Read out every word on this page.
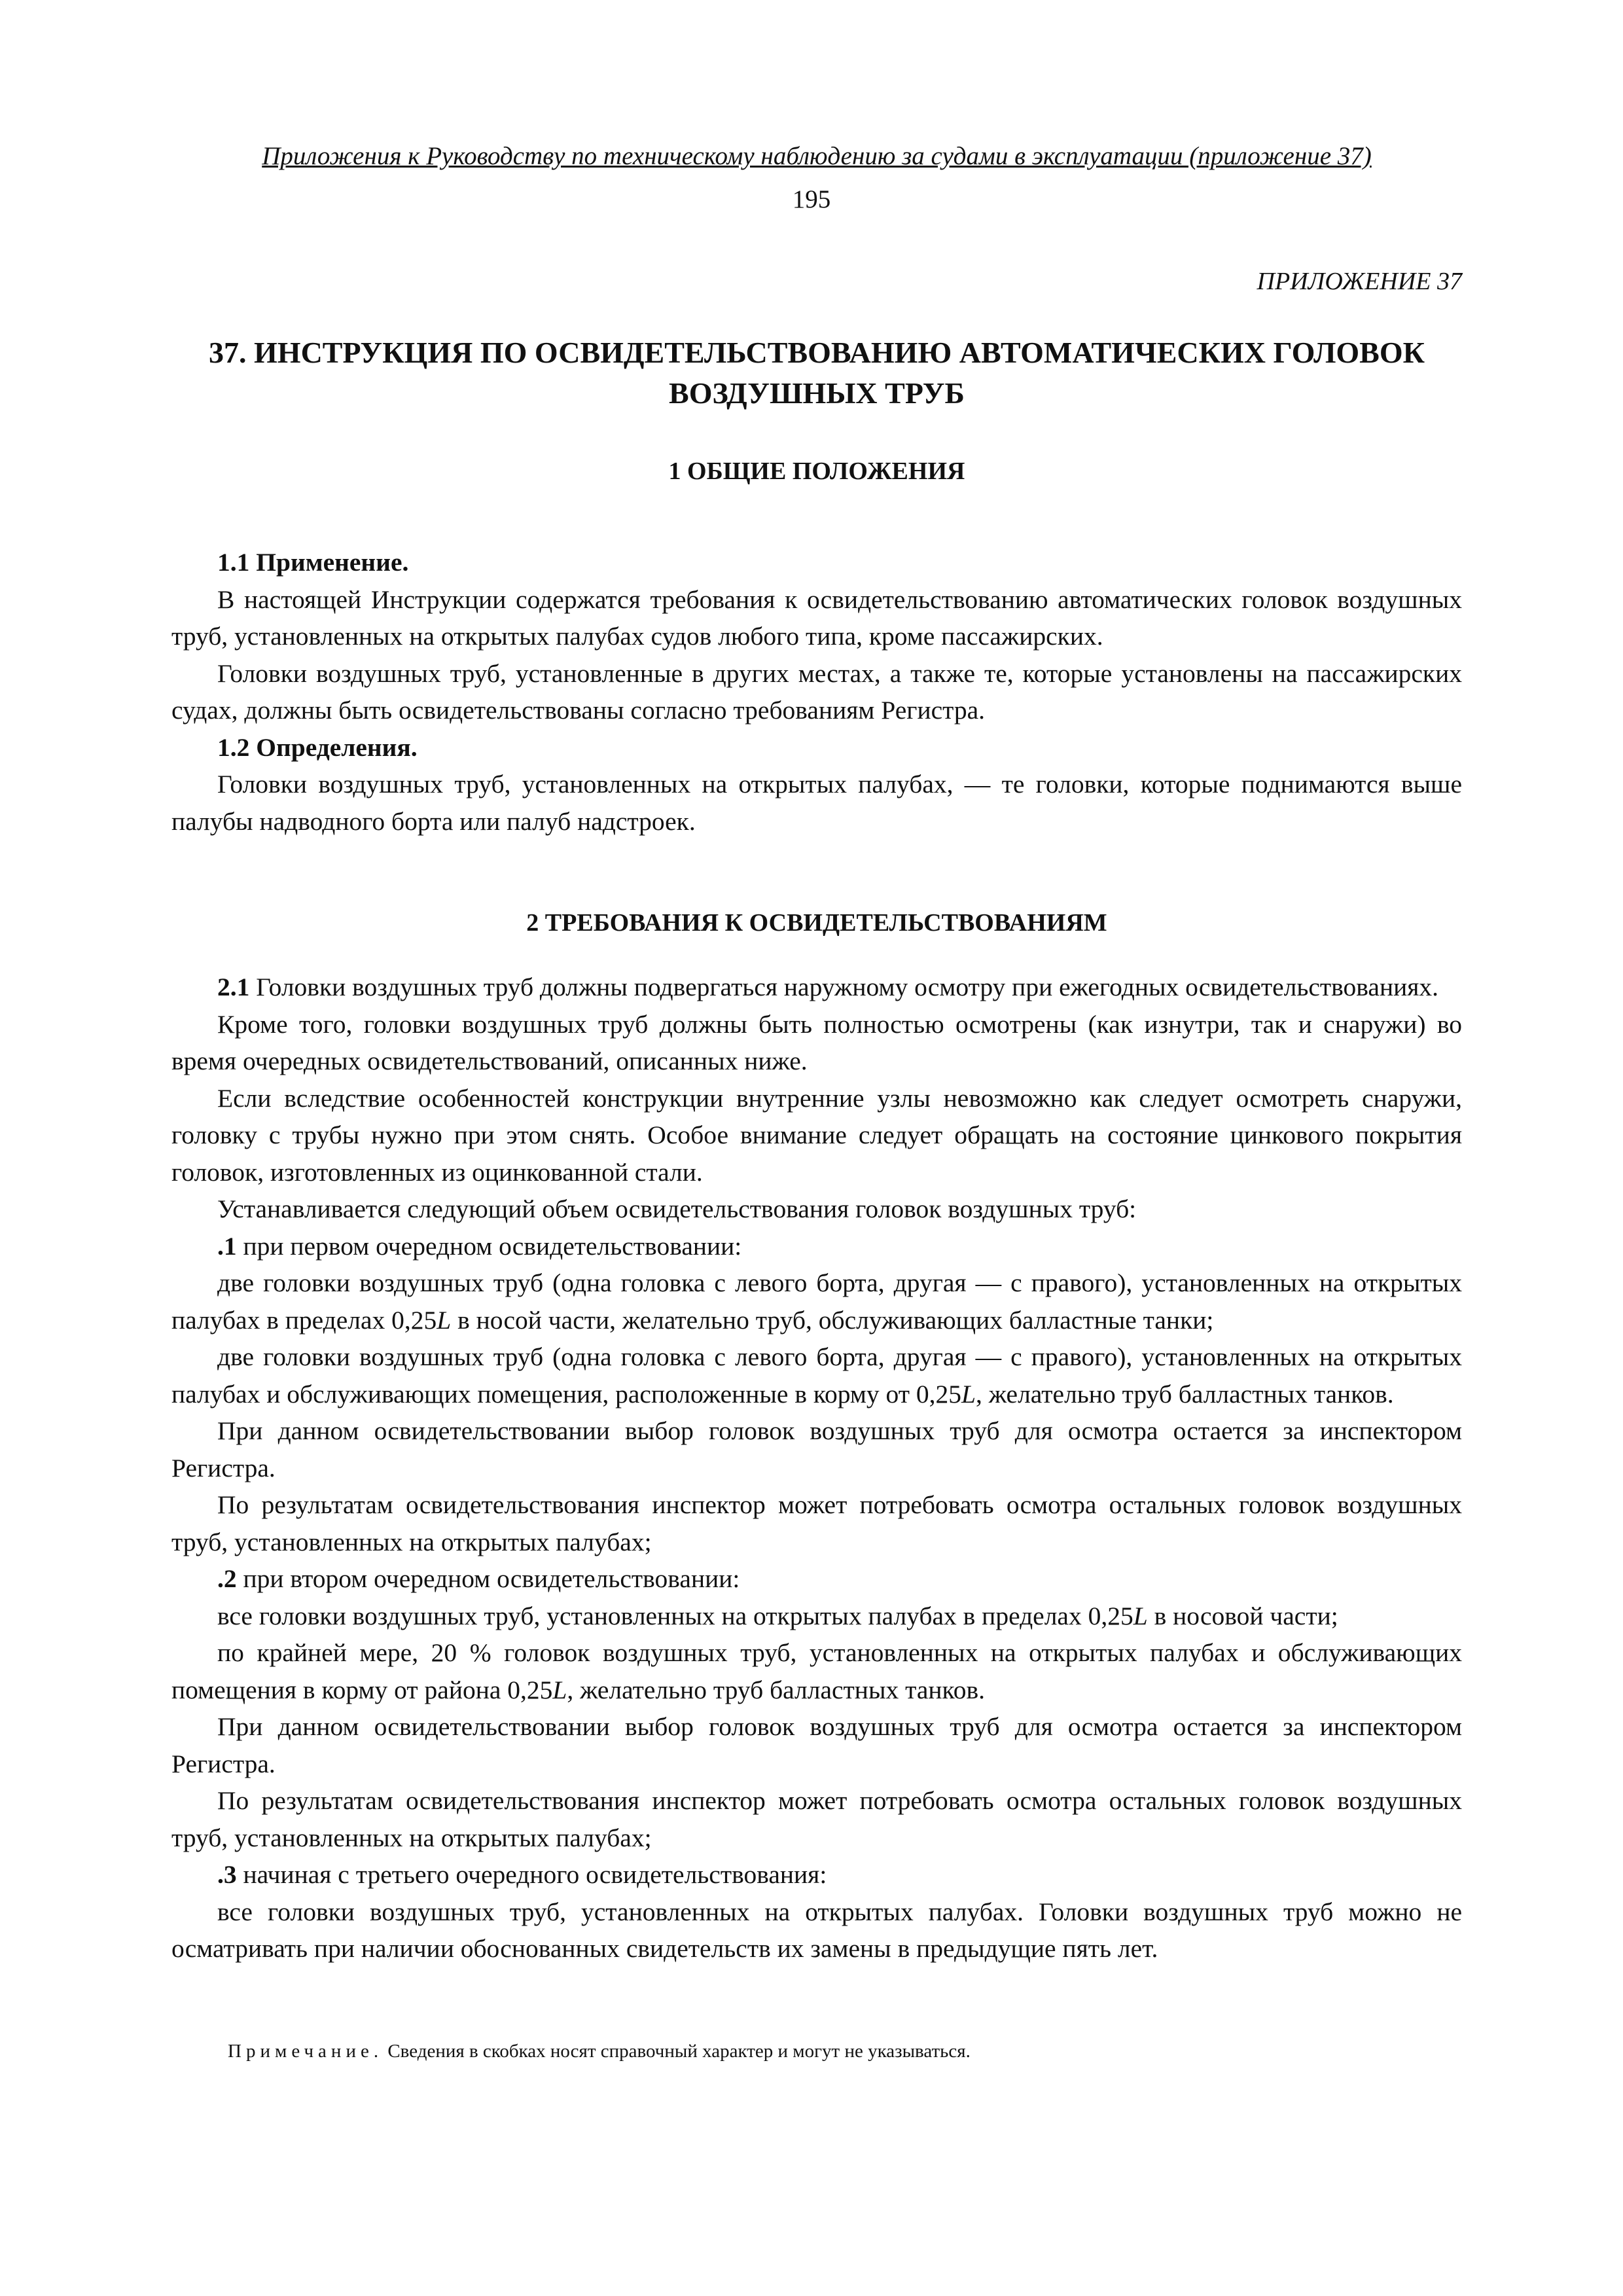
Приложения к Руководству по техническому наблюдению за судами в эксплуатации (приложение 37)
195
ПРИЛОЖЕНИЕ 37
37. ИНСТРУКЦИЯ ПО ОСВИДЕТЕЛЬСТВОВАНИЮ АВТОМАТИЧЕСКИХ ГОЛОВОК
ВОЗДУШНЫХ ТРУБ
1 ОБЩИЕ ПОЛОЖЕНИЯ

1.1 Применение.

В настоящей Инструкции содержатся требования к освидетельствованию автоматических головок воздушных труб, установленных на открытых палубах судов любого типа, кроме пассажирских.

Головки воздушных труб, установленные в других местах, а также те, которые установлены на пассажирских судах, должны быть освидетельствованы согласно требованиям Регистра.

1.2 Определения.

Головки воздушных труб, установленных на открытых палубах, — те головки, которые поднимаются выше палубы надводного борта или палуб надстроек.

2 ТРЕБОВАНИЯ К ОСВИДЕТЕЛЬСТВОВАНИЯМ

2.1 Головки воздушных труб должны подвергаться наружному осмотру при ежегодных освидетельствованиях.

Кроме того, головки воздушных труб должны быть полностью осмотрены (как изнутри, так и снаружи) во время очередных освидетельствований, описанных ниже.

Если вследствие особенностей конструкции внутренние узлы невозможно как следует осмотреть снаружи, головку с трубы нужно при этом снять. Особое внимание следует обращать на состояние цинкового покрытия головок, изготовленных из оцинкованной стали.

Устанавливается следующий объем освидетельствования головок воздушных труб:

.1 при первом очередном освидетельствовании:

две головки воздушных труб (одна головка с левого борта, другая — с правого), установленных на открытых палубах в пределах 0,25L в носой части, желательно труб, обслуживающих балластные танки;

две головки воздушных труб (одна головка с левого борта, другая — с правого), установленных на открытых палубах и обслуживающих помещения, расположенные в корму от 0,25L, желательно труб балластных танков.

При данном освидетельствовании выбор головок воздушных труб для осмотра остается за инспектором Регистра.

По результатам освидетельствования инспектор может потребовать осмотра остальных головок воздушных труб, установленных на открытых палубах;

.2 при втором очередном освидетельствовании:

все головки воздушных труб, установленных на открытых палубах в пределах 0,25L в носовой части;

по крайней мере, 20 % головок воздушных труб, установленных на открытых палубах и обслуживающих помещения в корму от района 0,25L, желательно труб балластных танков.

При данном освидетельствовании выбор головок воздушных труб для осмотра остается за инспектором Регистра.

По результатам освидетельствования инспектор может потребовать осмотра остальных головок воздушных труб, установленных на открытых палубах;

.3 начиная с третьего очередного освидетельствования:

все головки воздушных труб, установленных на открытых палубах. Головки воздушных труб можно не осматривать при наличии обоснованных свидетельств их замены в предыдущие пять лет.

Примечание. Сведения в скобках носят справочный характер и могут не указываться.
